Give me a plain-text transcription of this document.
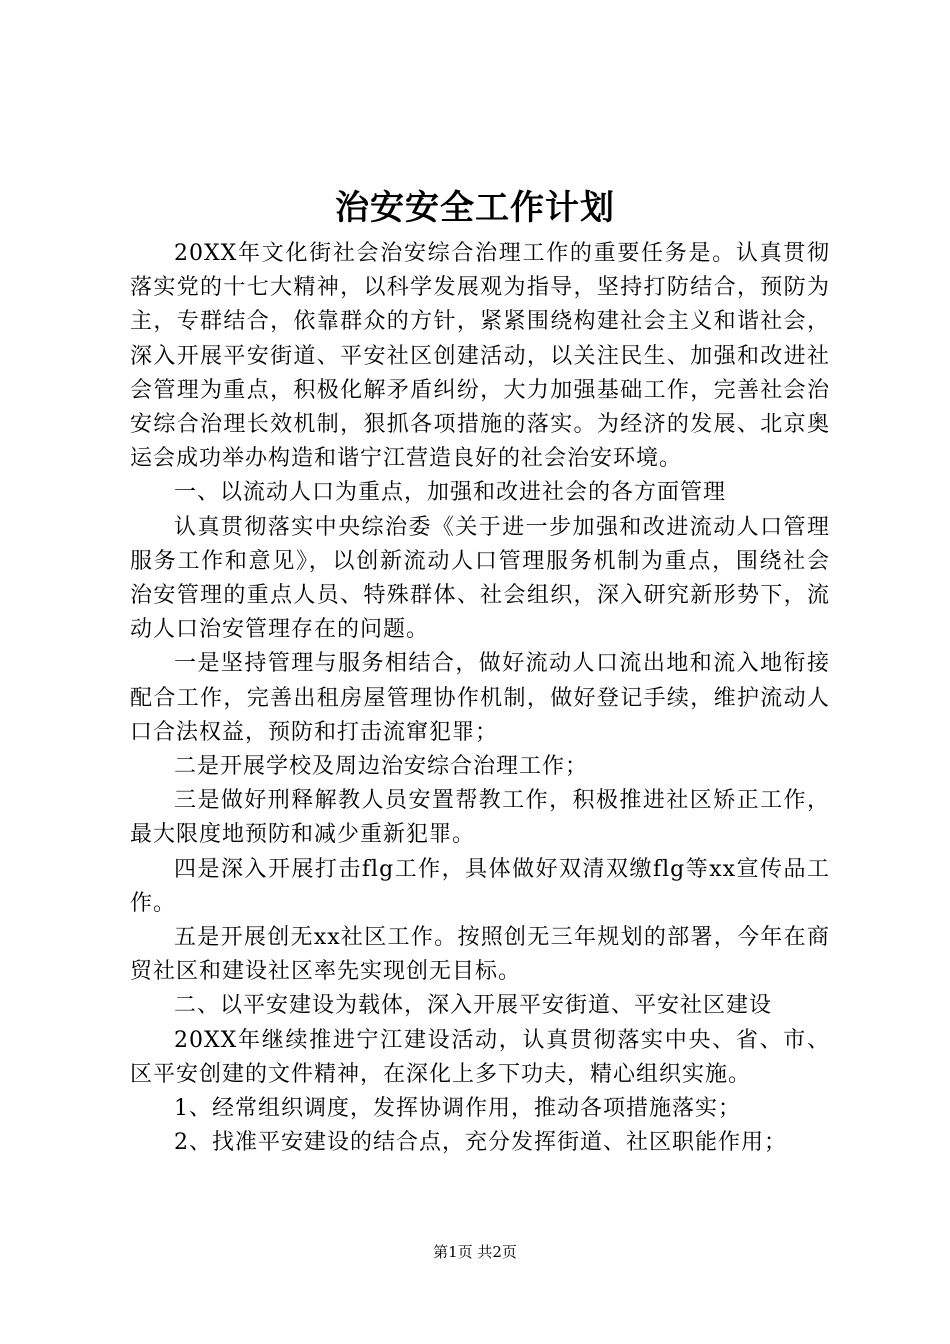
治安安全工作计划

20XX年文化街社会治安综合治理工作的重要任务是。认真贯彻落实党的十七大精神，以科学发展观为指导，坚持打防结合，预防为主，专群结合，依靠群众的方针，紧紧围绕构建社会主义和谐社会，深入开展平安街道、平安社区创建活动，以关注民生、加强和改进社会管理为重点，积极化解矛盾纠纷，大力加强基础工作，完善社会治安综合治理长效机制，狠抓各项措施的落实。为经济的发展、北京奥运会成功举办构造和谐宁江营造良好的社会治安环境。

一、以流动人口为重点，加强和改进社会的各方面管理

认真贯彻落实中央综治委《关于进一步加强和改进流动人口管理服务工作和意见》，以创新流动人口管理服务机制为重点，围绕社会治安管理的重点人员、特殊群体、社会组织，深入研究新形势下，流动人口治安管理存在的问题。

一是坚持管理与服务相结合，做好流动人口流出地和流入地衔接配合工作，完善出租房屋管理协作机制，做好登记手续，维护流动人口合法权益，预防和打击流窜犯罪；

二是开展学校及周边治安综合治理工作；

三是做好刑释解教人员安置帮教工作，积极推进社区矫正工作，最大限度地预防和减少重新犯罪。

四是深入开展打击flg工作，具体做好双清双缴flg等xx宣传品工作。

五是开展创无xx社区工作。按照创无三年规划的部署，今年在商贸社区和建设社区率先实现创无目标。

二、以平安建设为载体，深入开展平安街道、平安社区建设

20XX年继续推进宁江建设活动，认真贯彻落实中央、省、市、区平安创建的文件精神，在深化上多下功夫，精心组织实施。

1、经常组织调度，发挥协调作用，推动各项措施落实；

2、找准平安建设的结合点，充分发挥街道、社区职能作用；

第1页 共2页
